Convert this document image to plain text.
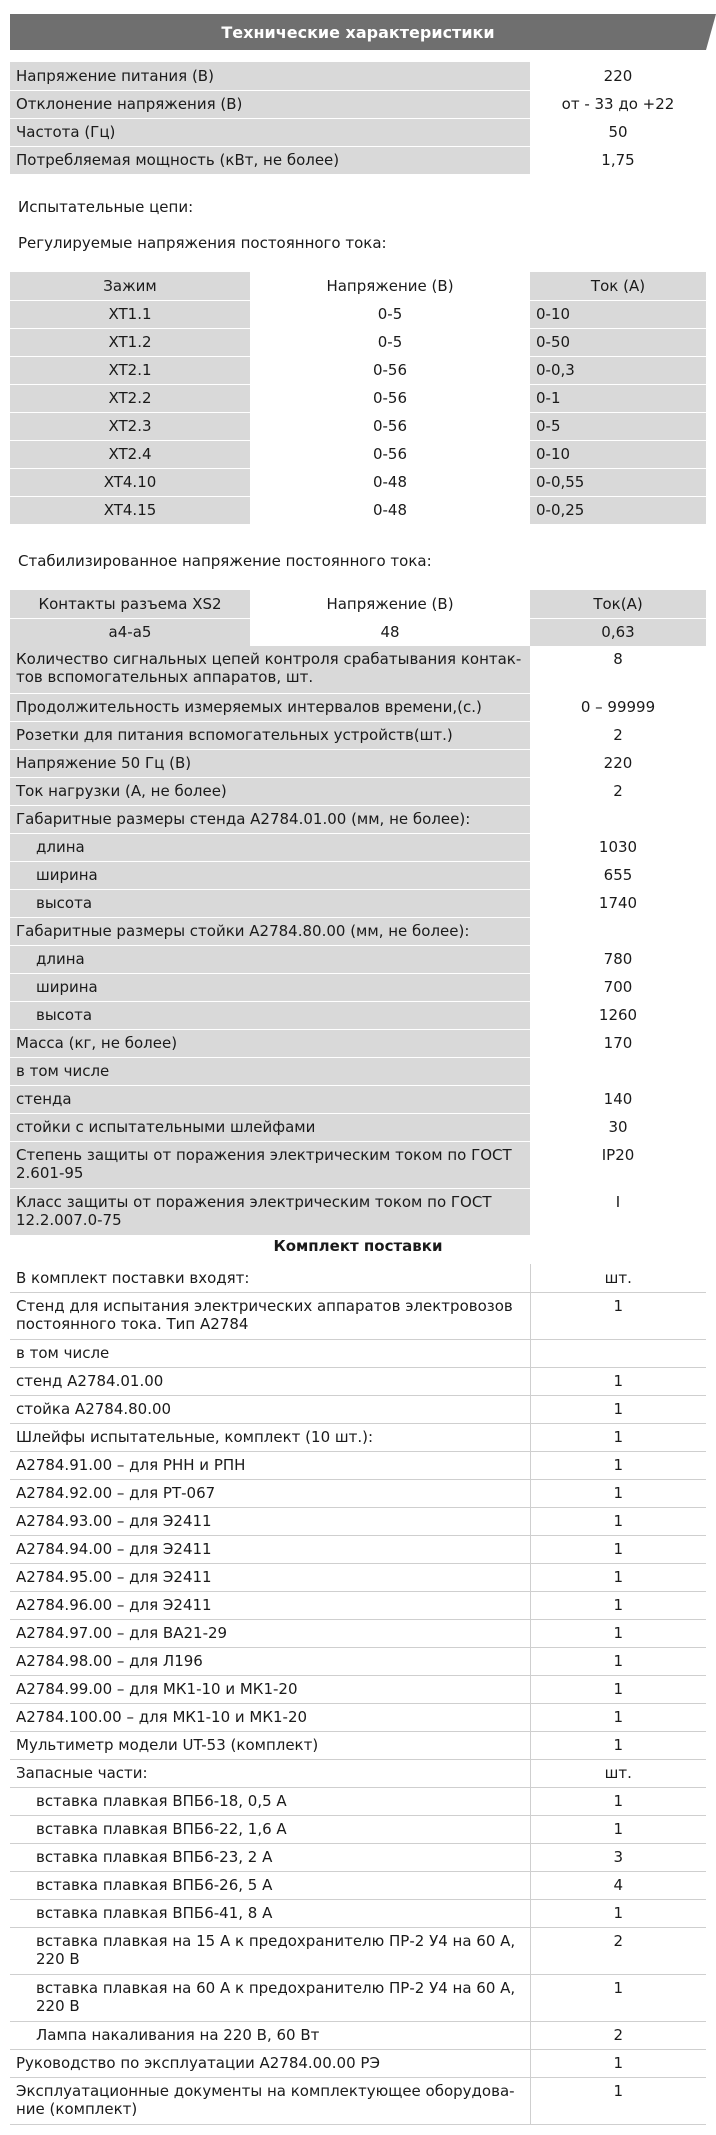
Технические характеристики
Напряжение питания (В)	220
Отклонение напряжения (В)	от - 33 до +22
Частота (Гц)	50
Потребляемая мощность (кВт, не более)	1,75
Испытательные цепи:
Регулируемые напряжения постоянного тока:
Зажим	Напряжение (В)	Ток (А)
XT1.1	0-5	0-10
XT1.2	0-5	0-50
XT2.1	0-56	0-0,3
XT2.2	0-56	0-1
XT2.3	0-56	0-5
XT2.4	0-56	0-10
XT4.10	0-48	0-0,55
XT4.15	0-48	0-0,25
Стабилизированное напряжение постоянного тока:
Контакты разъема XS2	Напряжение (В)	Ток(А)
a4-a5	48	0,63
Количество сигнальных цепей контроля срабатывания контак-
тов вспомогательных аппаратов, шт.	8

Продолжительность измеряемых интервалов времени,(с.)	0 – 99999

Розетки для питания вспомогательных устройств(шт.)	2

Напряжение 50 Гц (В)	220

Ток нагрузки (А, не более)	2

Габаритные размеры стенда А2784.01.00 (мм, не более):	

длина	1030

ширина	655

высота	1740

Габаритные размеры стойки А2784.80.00 (мм, не более):	

длина	780

ширина	700

высота	1260

Масса (кг, не более)	170

в том числе	

стенда	140

стойки с испытательными шлейфами	30

Степень защиты от поражения электрическим током по ГОСТ
2.601-95	IP20

Класс защиты от поражения электрическим током по ГОСТ
12.2.007.0-75	I
Комплект поставки
В комплект поставки входят:	шт.

Стенд для испытания электрических аппаратов электровозов
постоянного тока. Тип А2784	1

в том числе	

стенд А2784.01.00	1

стойка А2784.80.00	1

Шлейфы испытательные, комплект (10 шт.):	1

А2784.91.00 – для РНН и РПН	1

А2784.92.00 – для РТ-067	1

А2784.93.00 – для Э2411	1

А2784.94.00 – для Э2411	1

А2784.95.00 – для Э2411	1

А2784.96.00 – для Э2411	1

А2784.97.00 – для ВА21-29	1

А2784.98.00 – для Л196	1

А2784.99.00 – для МК1-10 и МК1-20	1

А2784.100.00 – для МК1-10 и МК1-20	1

Мультиметр модели UT-53 (комплект)	1

Запасные части:	шт.

вставка плавкая ВПБ6-18, 0,5 А	1

вставка плавкая ВПБ6-22, 1,6 А	1

вставка плавкая ВПБ6-23, 2 А	3

вставка плавкая ВПБ6-26, 5 А	4

вставка плавкая ВПБ6-41, 8 А	1

вставка плавкая на 15 А к предохранителю ПР-2 У4 на 60 А,
220 В	2

вставка плавкая на 60 А к предохранителю ПР-2 У4 на 60 А,
220 В	1

Лампа накаливания на 220 В, 60 Вт	2

Руководство по эксплуатации А2784.00.00 РЭ	1

Эксплуатационные документы на комплектующее оборудова-
ние (комплект)	1
